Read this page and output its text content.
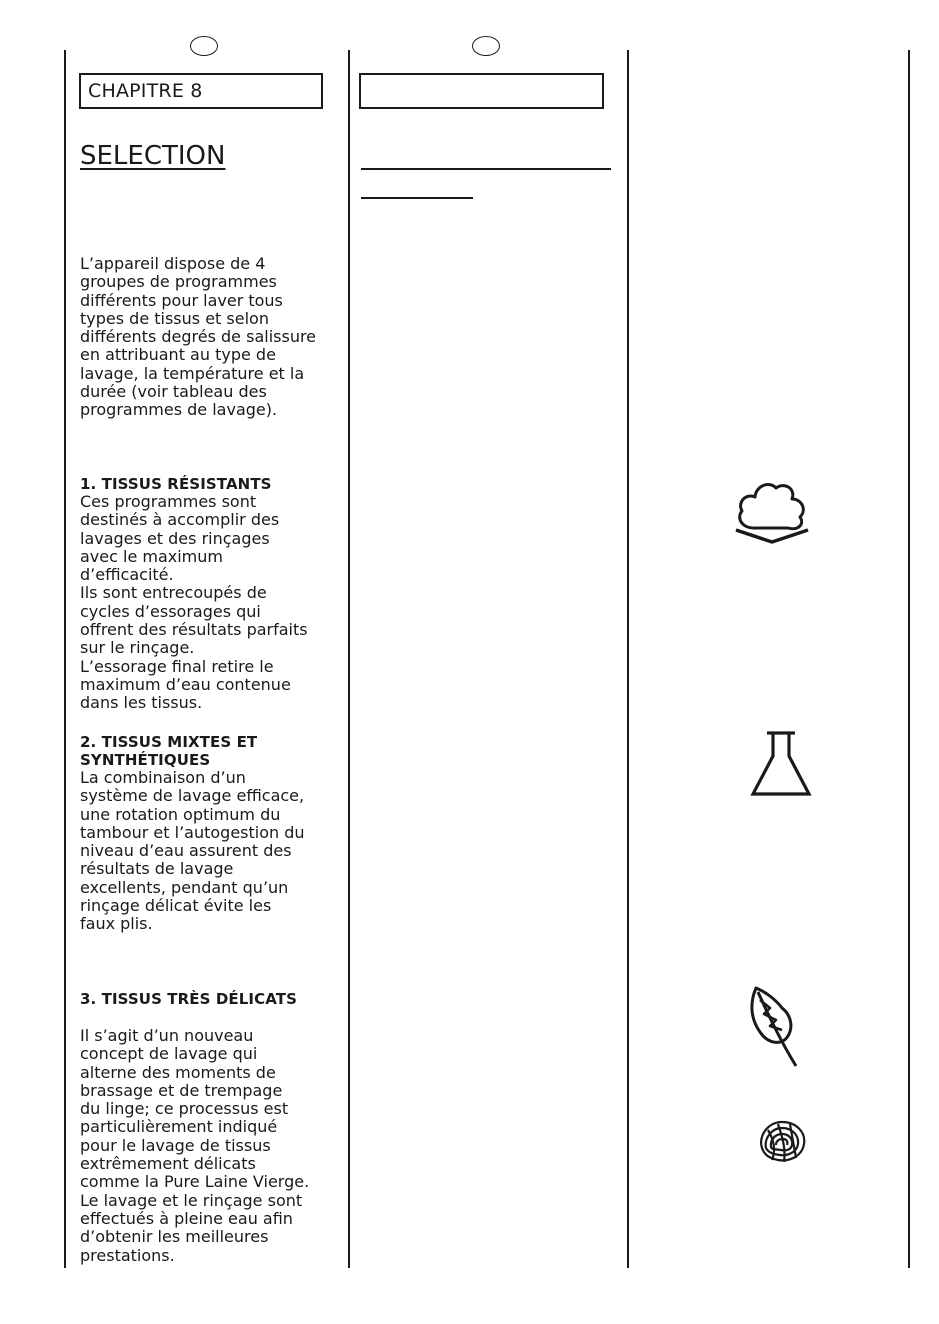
CHAPITRE 8
SELECTION
L’appareil dispose de 4
groupes de programmes
différents pour laver tous
types de tissus et selon
différents degrés de salissure
en attribuant au type de
lavage, la température et la
durée (voir tableau des
programmes de lavage).
1. TISSUS RÉSISTANTS
Ces programmes sont
destinés à accomplir des
lavages et des rinçages
avec le maximum
d’efficacité.
Ils sont entrecoupés de
cycles d’essorages qui
offrent des résultats parfaits
sur le rinçage.
L’essorage final retire le
maximum d’eau contenue
dans les tissus.
2. TISSUS MIXTES ET
SYNTHÉTIQUES
La combinaison d’un
système de lavage efficace,
une rotation optimum du
tambour et l’autogestion du
niveau d’eau assurent des
résultats de lavage
excellents, pendant qu’un
rinçage délicat évite les
faux plis.
3. TISSUS TRÈS DÉLICATS
Il s’agit d’un nouveau
concept de lavage qui
alterne des moments de
brassage et de trempage
du linge; ce processus est
particulièrement indiqué
pour le lavage de tissus
extrêmement délicats
comme la Pure Laine Vierge.
Le lavage et le rinçage sont
effectués à pleine eau afin
d’obtenir les meilleures
prestations.
